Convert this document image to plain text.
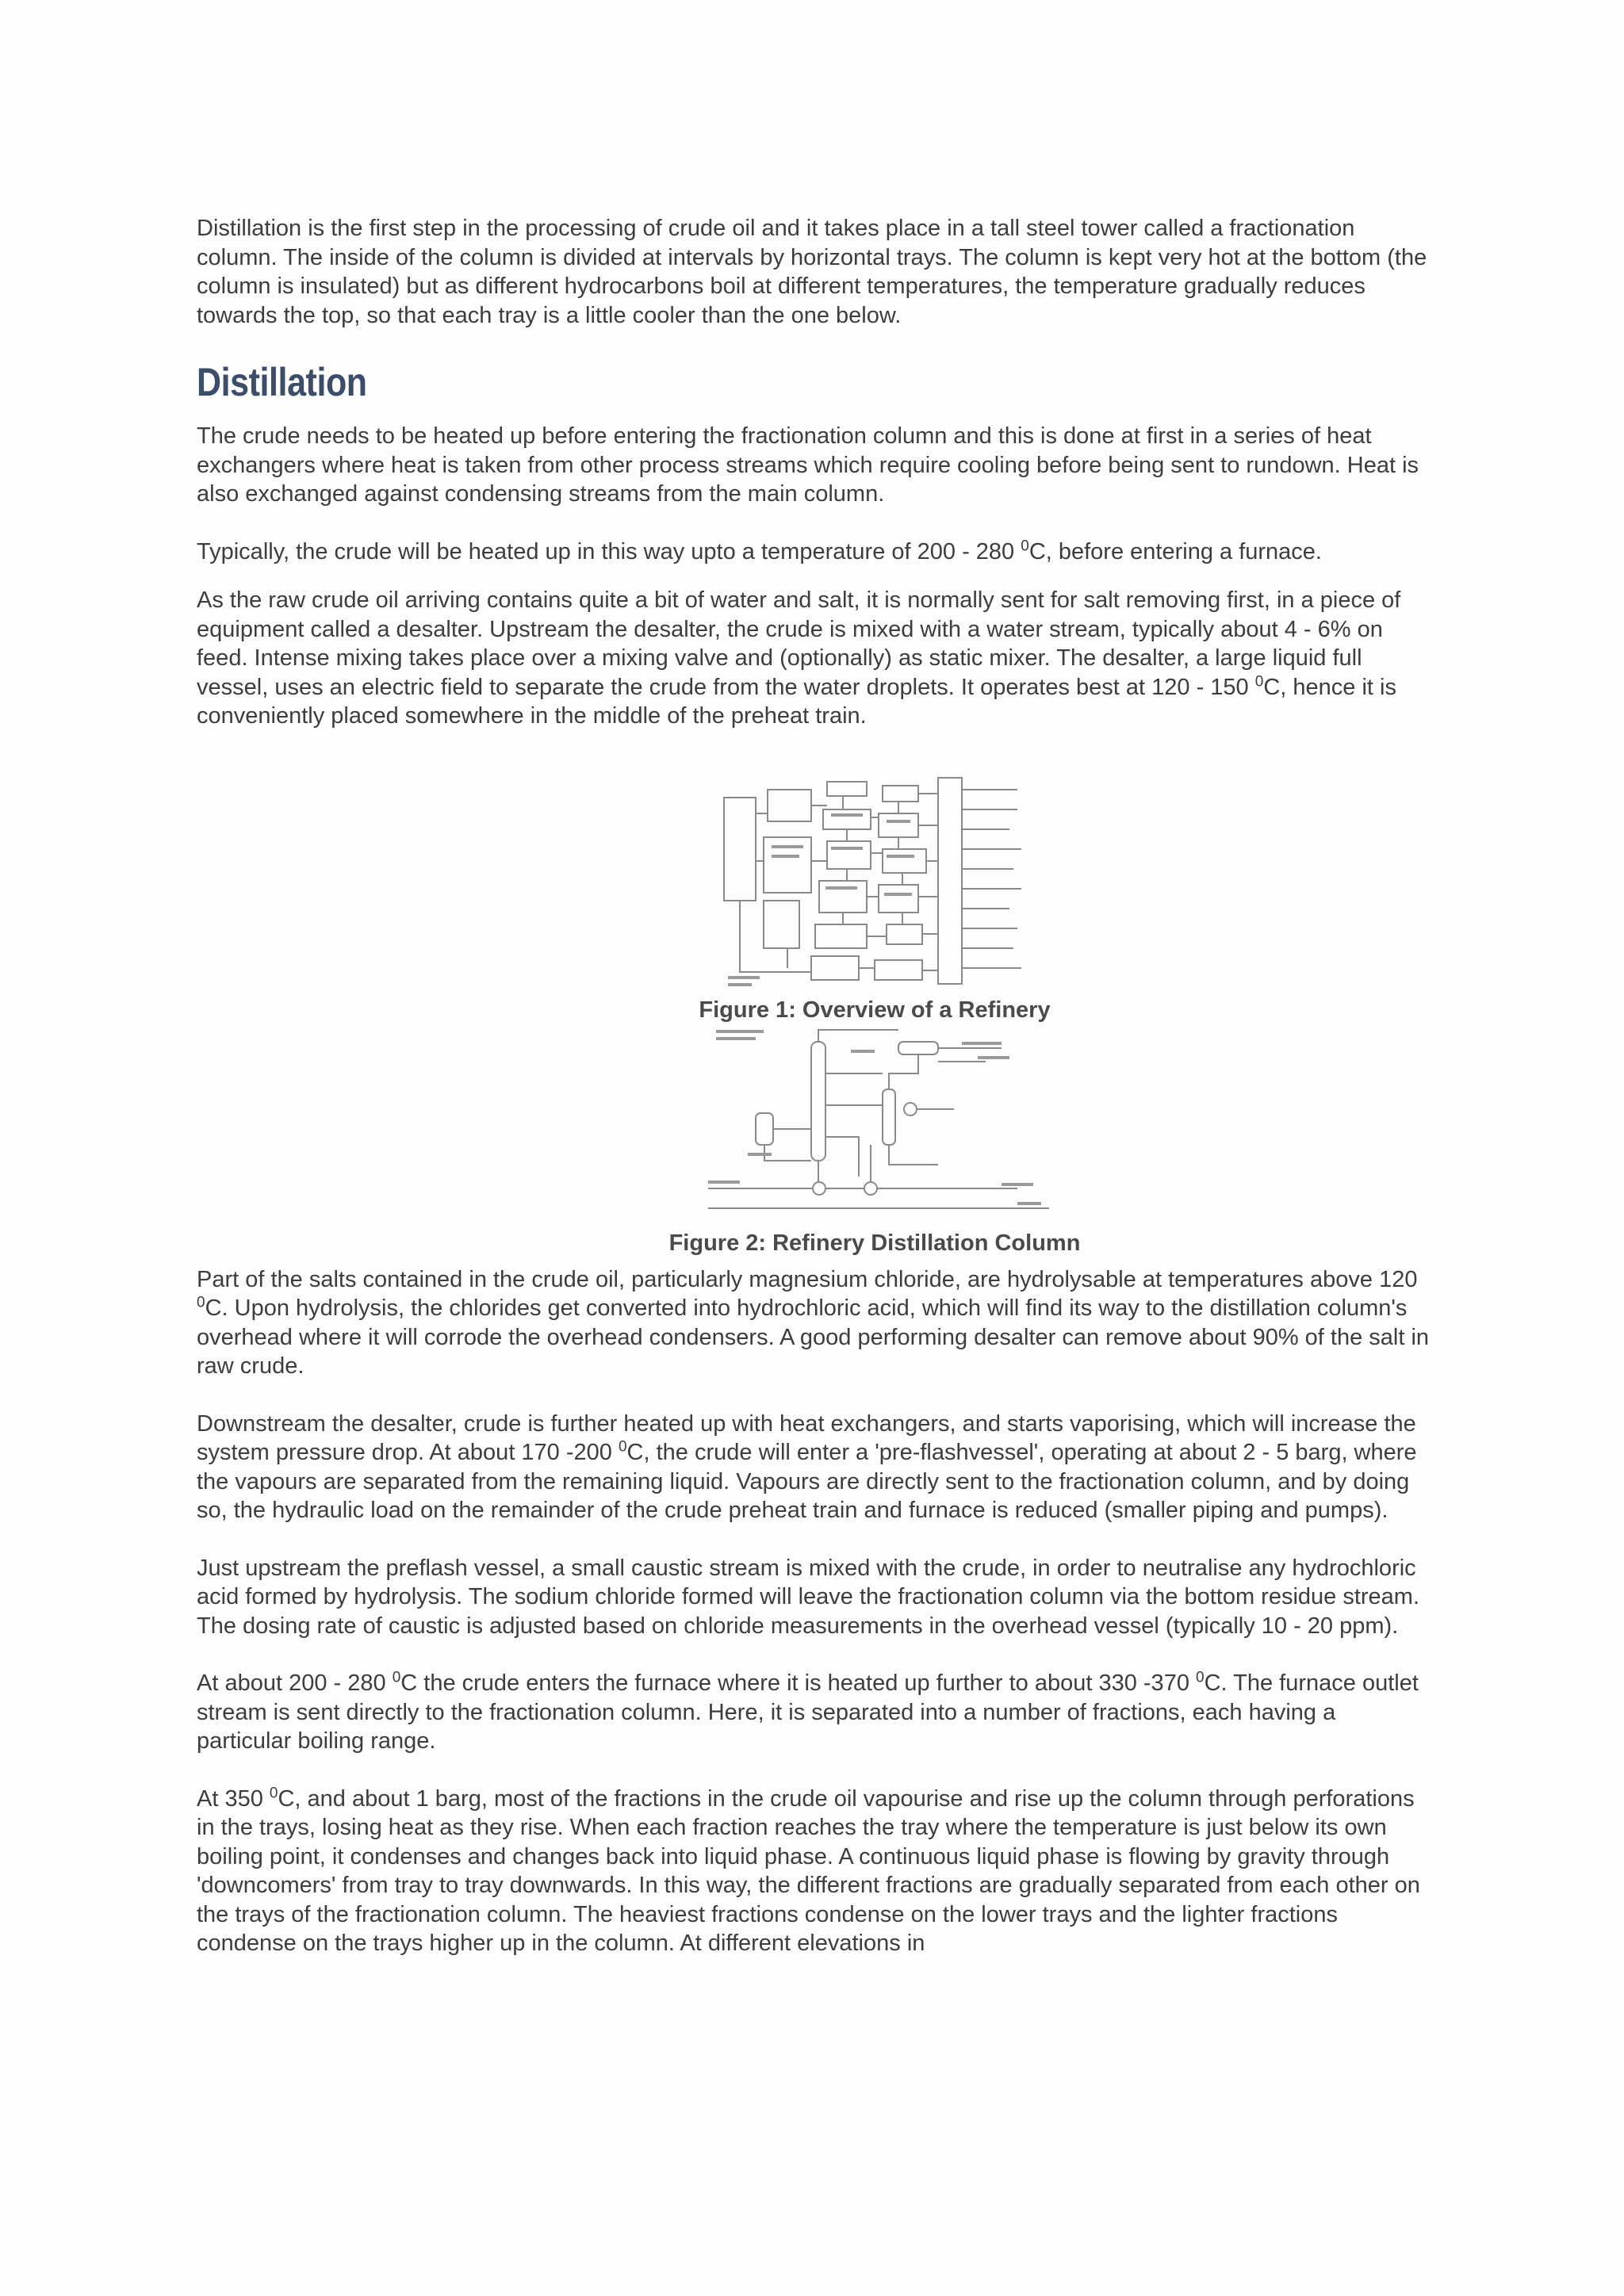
Distillation is the first step in the processing of crude oil and it takes place in a tall steel tower called a fractionation column. The inside of the column is divided at intervals by horizontal trays. The column is kept very hot at the bottom (the column is insulated) but as different hydrocarbons boil at different temperatures, the temperature gradually reduces towards the top, so that each tray is a little cooler than the one below.

Distillation

The crude needs to be heated up before entering the fractionation column and this is done at first in a series of heat exchangers where heat is taken from other process streams which require cooling before being sent to rundown. Heat is also exchanged against condensing streams from the main column.

Typically, the crude will be heated up in this way upto a temperature of 200 - 280 $^0$C, before entering a furnace.

As the raw crude oil arriving contains quite a bit of water and salt, it is normally sent for salt removing first, in a piece of equipment called a desalter. Upstream the desalter, the crude is mixed with a water stream, typically about 4 - 6% on feed. Intense mixing takes place over a mixing valve and (optionally) as static mixer. The desalter, a large liquid full vessel, uses an electric field to separate the crude from the water droplets. It operates best at 120 - 150 $^0$C, hence it is conveniently placed somewhere in the middle of the preheat train.

Figure 1: Overview of a Refinery
Figure 2: Refinery Distillation Column

Part of the salts contained in the crude oil, particularly magnesium chloride, are hydrolysable at temperatures above 120 $^0$C. Upon hydrolysis, the chlorides get converted into hydrochloric acid, which will find its way to the distillation column's overhead where it will corrode the overhead condensers. A good performing desalter can remove about 90% of the salt in raw crude.

Downstream the desalter, crude is further heated up with heat exchangers, and starts vaporising, which will increase the system pressure drop. At about 170 -200 $^0$C, the crude will enter a 'pre-flashvessel', operating at about 2 - 5 barg, where the vapours are separated from the remaining liquid. Vapours are directly sent to the fractionation column, and by doing so, the hydraulic load on the remainder of the crude preheat train and furnace is reduced (smaller piping and pumps).

Just upstream the preflash vessel, a small caustic stream is mixed with the crude, in order to neutralise any hydrochloric acid formed by hydrolysis. The sodium chloride formed will leave the fractionation column via the bottom residue stream. The dosing rate of caustic is adjusted based on chloride measurements in the overhead vessel (typically 10 - 20 ppm).

At about 200 - 280 $^0$C the crude enters the furnace where it is heated up further to about 330 -370 $^0$C. The furnace outlet stream is sent directly to the fractionation column. Here, it is separated into a number of fractions, each having a particular boiling range.

At 350 $^0$C, and about 1 barg, most of the fractions in the crude oil vapourise and rise up the column through perforations in the trays, losing heat as they rise. When each fraction reaches the tray where the temperature is just below its own boiling point, it condenses and changes back into liquid phase. A continuous liquid phase is flowing by gravity through 'downcomers' from tray to tray downwards. In this way, the different fractions are gradually separated from each other on the trays of the fractionation column. The heaviest fractions condense on the lower trays and the lighter fractions condense on the trays higher up in the column. At different elevations in
